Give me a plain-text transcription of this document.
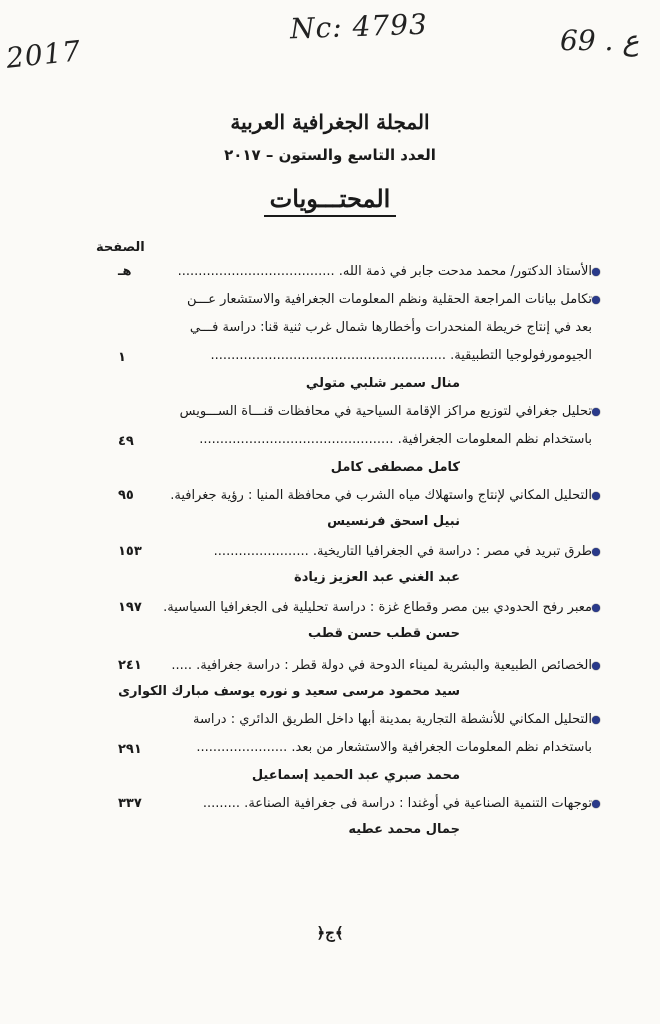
2017
Nc: 4793	69 . ع
المجلة الجغرافية العربية
العدد التاسع والستون – ٢٠١٧
المحتـــويات
الصفحة
الأستاذ الدكتور/ محمد مدحت جابر في ذمة الله. ......................................
هـ
تكامل بيانات المراجعة الحقلية ونظم المعلومات الجغرافية والاستشعار عـــن
بعد في إنتاج خريطة المنحدرات وأخطارها شمال غرب ثنية قنا: دراسة فـــي
الجيومورفولوجيا التطبيقية. .........................................................
١
منال سمير شلبي متولي
تحليل جغرافي لتوزيع مراكز الإقامة السياحية في محافظات قنـــاة الســـويس
باستخدام نظم المعلومات الجغرافية. ...............................................
٤٩
كامل مصطفى كامل
التحليل المكاني لإنتاج واستهلاك مياه الشرب في محافظة المنيا : رؤية جغرافية.
٩٥
نبيل اسحق فرنسيس
طرق تبريد في مصر : دراسة في الجغرافيا التاريخية. .......................
١٥٣
عبد الغني عبد العزيز زيادة
معبر رفح الحدودي بين مصر وقطاع غزة : دراسة تحليلية فى الجغرافيا السياسية.
١٩٧
حسن قطب حسن قطب
الخصائص الطبيعية والبشرية لميناء الدوحة في دولة قطر : دراسة جغرافية. .....
٢٤١
سيد محمود مرسى سعيد و نوره يوسف مبارك الكوارى
التحليل المكاني للأنشطة التجارية بمدينة أبها داخل الطريق الدائري : دراسة
باستخدام نظم المعلومات الجغرافية والاستشعار من بعد. ......................
٢٩١
محمد صبري عبد الحميد إسماعيل
توجهات التنمية الصناعية في أوغندا : دراسة فى جغرافية الصناعة. .........
٣٣٧
جمال محمد عطيه
﴿ج﴾
